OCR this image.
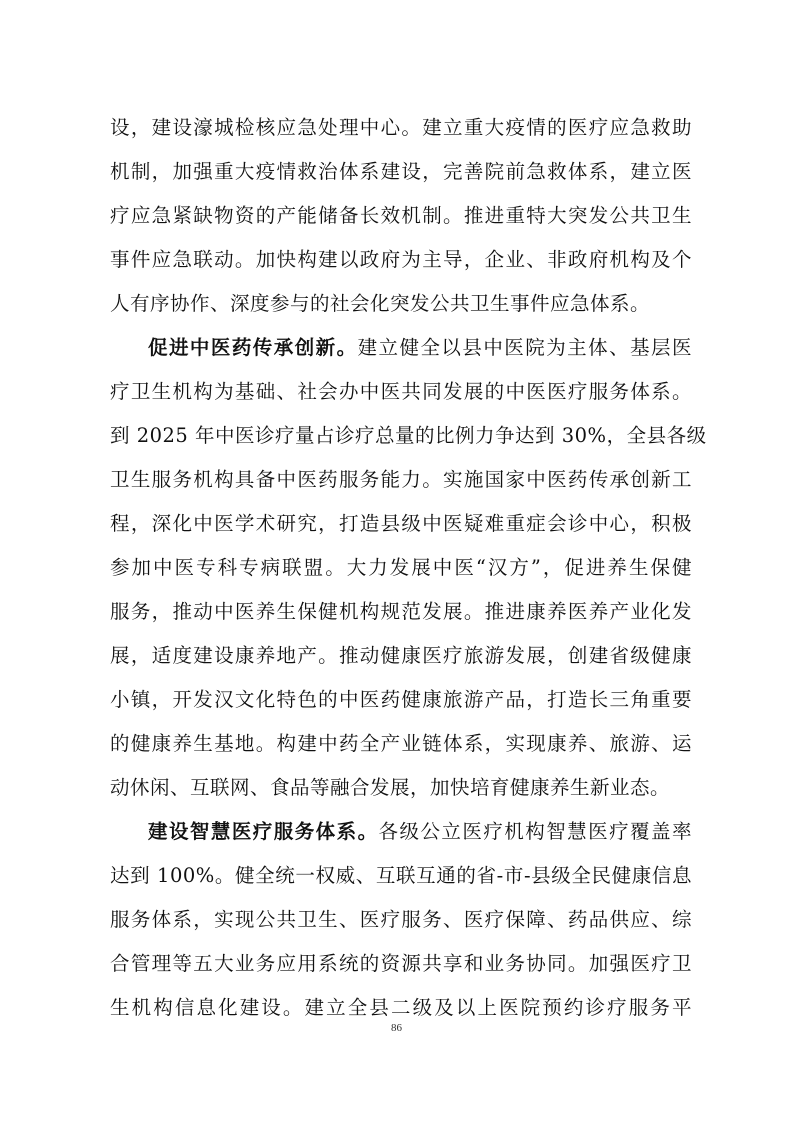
设，建设濠城检核应急处理中心。建立重大疫情的医疗应急救助
机制，加强重大疫情救治体系建设，完善院前急救体系，建立医
疗应急紧缺物资的产能储备长效机制。推进重特大突发公共卫生
事件应急联动。加快构建以政府为主导，企业、非政府机构及个
人有序协作、深度参与的社会化突发公共卫生事件应急体系。
促进中医药传承创新。建立健全以县中医院为主体、基层医
疗卫生机构为基础、社会办中医共同发展的中医医疗服务体系。
到 2025 年中医诊疗量占诊疗总量的比例力争达到 30%，全县各级
卫生服务机构具备中医药服务能力。实施国家中医药传承创新工
程，深化中医学术研究，打造县级中医疑难重症会诊中心，积极
参加中医专科专病联盟。大力发展中医“汉方”，促进养生保健
服务，推动中医养生保健机构规范发展。推进康养医养产业化发
展，适度建设康养地产。推动健康医疗旅游发展，创建省级健康
小镇，开发汉文化特色的中医药健康旅游产品，打造长三角重要
的健康养生基地。构建中药全产业链体系，实现康养、旅游、运
动休闲、互联网、食品等融合发展，加快培育健康养生新业态。
建设智慧医疗服务体系。各级公立医疗机构智慧医疗覆盖率
达到 100%。健全统一权威、互联互通的省-市-县级全民健康信息
服务体系，实现公共卫生、医疗服务、医疗保障、药品供应、综
合管理等五大业务应用系统的资源共享和业务协同。加强医疗卫
生机构信息化建设。建立全县二级及以上医院预约诊疗服务平
86
